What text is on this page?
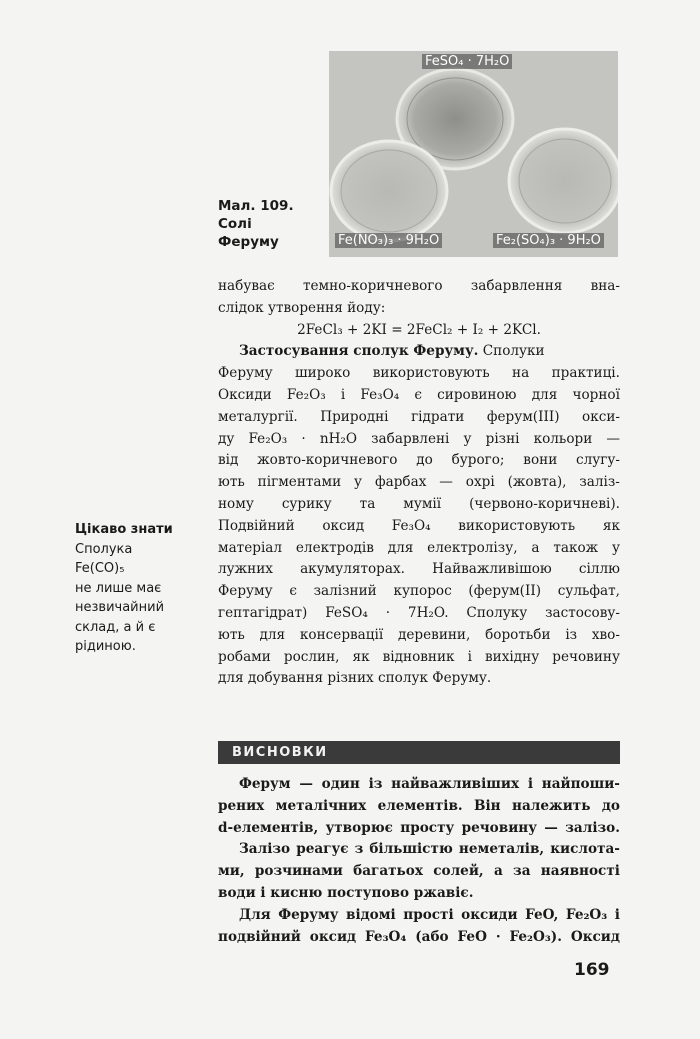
FeSO₄ · 7H₂O
Fe(NO₃)₃ · 9H₂O	Fe₂(SO₄)₃ · 9H₂O
Мал. 109.
Солі
Феруму
Цікаво знати
Сполука
Fe(CO)₅
не лише має
незвичайний
склад, а й є
рідиною.
набуває темно-коричневого забарвлення вна-
слідок утворення йоду:
2FeCl₃ + 2KI = 2FeCl₂ + I₂ + 2KCl.
Застосування сполук Феруму.
Сполуки
Феруму широко використовують на практиці.
Оксиди Fe₂O₃ і Fe₃O₄ є сировиною для чорної
металургії. Природні гідрати ферум(III) окси-
ду Fe₂O₃ · nH₂O забарвлені у різні кольори —
від жовто-коричневого до бурого; вони слугу-
ють пігментами у фарбах — охрі (жовта), заліз-
ному сурику та мумії (червоно-коричневі).
Подвійний оксид Fe₃O₄ використовують як
матеріал електродів для електролізу, а також у
лужних акумуляторах. Найважливішою сіллю
Феруму є залізний купорос (ферум(II) сульфат,
гептагідрат) FeSO₄ · 7H₂O. Сполуку застосову-
ють для консервації деревини, боротьби із хво-
робами рослин, як відновник і вихідну речовину
для добування різних сполук Феруму.
ВИСНОВКИ
Ферум — один із найважливіших і найпоши-
рених металічних елементів. Він належить до
d-елементів, утворює просту речовину — залізо.
Залізо реагує з більшістю неметалів, кислота-
ми, розчинами багатьох солей, а за наявності
води і кисню поступово ржавіє.
Для Феруму відомі прості оксиди FeO, Fe₂O₃ і
подвійний оксид Fe₃O₄ (або FeO · Fe₂O₃). Оксид
169
